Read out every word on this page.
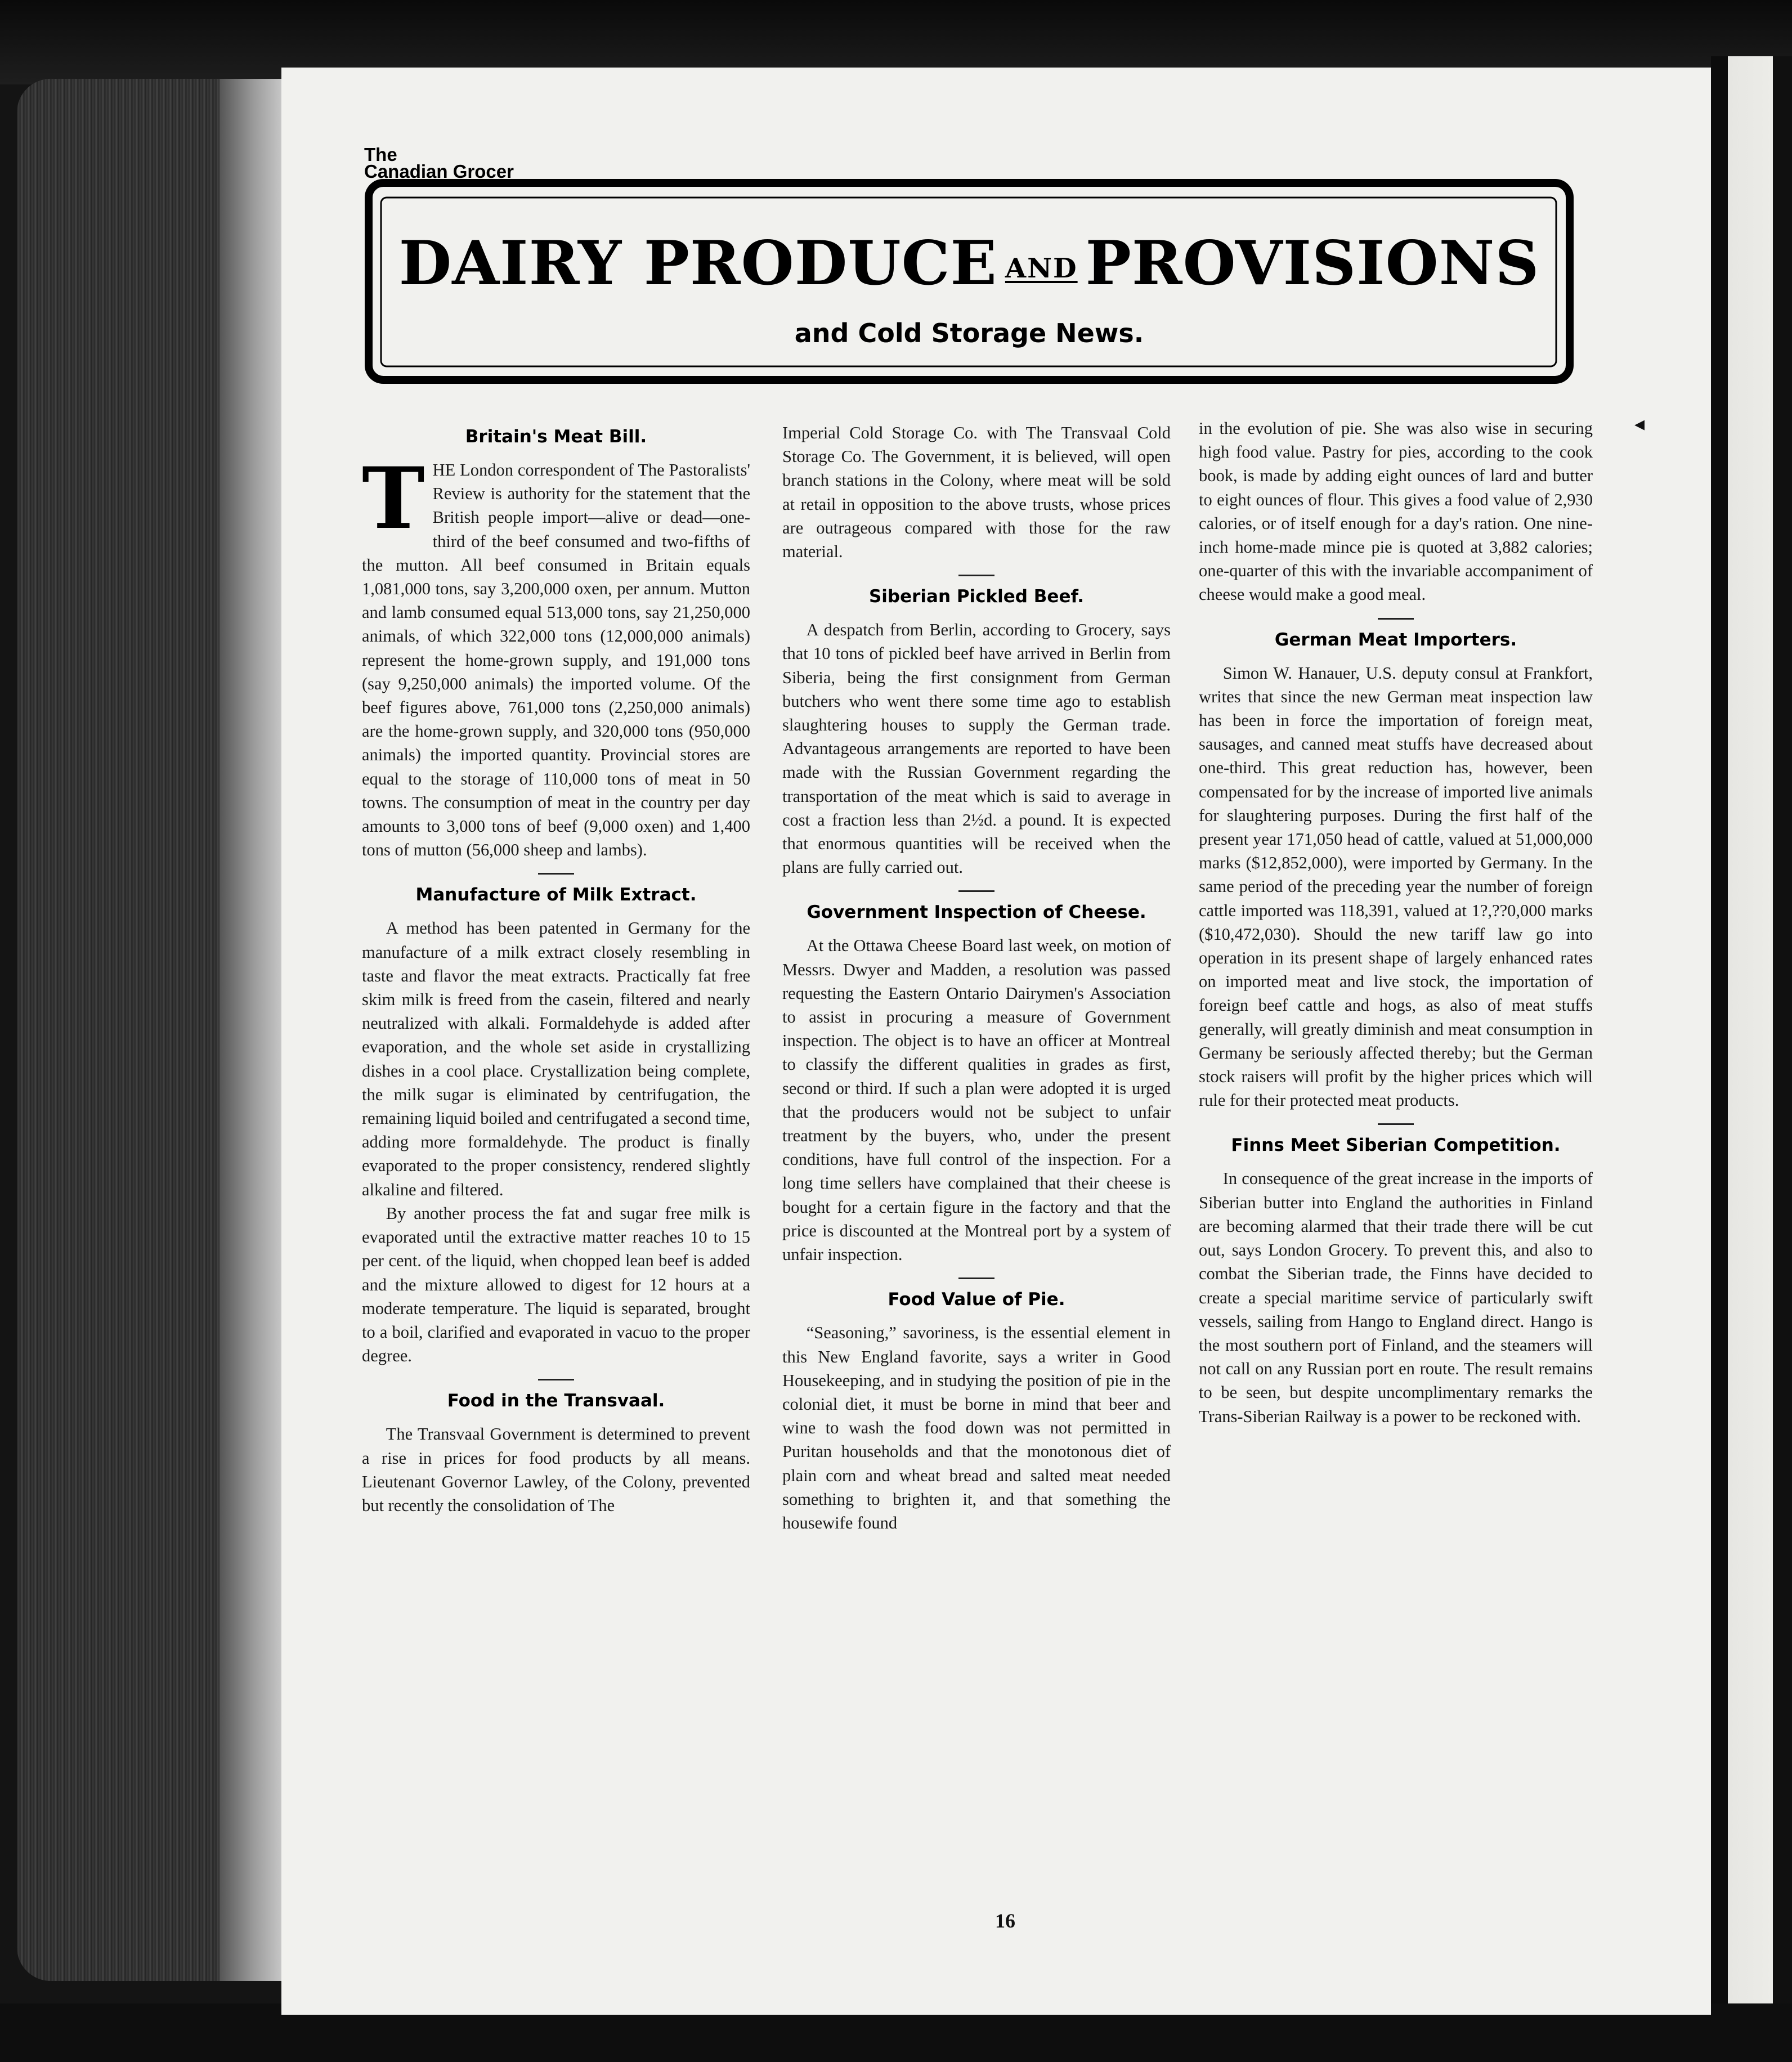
The
Canadian Grocer
DAIRY PRODUCE AND PROVISIONS
and Cold Storage News.
Britain's Meat Bill.

THE London correspondent of The Pastoralists' Review is authority for the statement that the British people import—alive or dead—one-third of the beef consumed and two-fifths of the mutton. All beef consumed in Britain equals 1,081,000 tons, say 3,200,000 oxen, per annum. Mutton and lamb consumed equal 513,000 tons, say 21,250,000 animals, of which 322,000 tons (12,000,000 animals) represent the home-grown supply, and 191,000 tons (say 9,250,000 animals) the imported volume. Of the beef figures above, 761,000 tons (2,250,000 animals) are the home-grown supply, and 320,000 tons (950,000 animals) the imported quantity. Provincial stores are equal to the storage of 110,000 tons of meat in 50 towns. The consumption of meat in the country per day amounts to 3,000 tons of beef (9,000 oxen) and 1,400 tons of mutton (56,000 sheep and lambs).

Manufacture of Milk Extract.

A method has been patented in Germany for the manufacture of a milk extract closely resembling in taste and flavor the meat extracts. Practically fat free skim milk is freed from the casein, filtered and nearly neutralized with alkali. Formaldehyde is added after evaporation, and the whole set aside in crystallizing dishes in a cool place. Crystallization being complete, the milk sugar is eliminated by centrifugation, the remaining liquid boiled and centrifugated a second time, adding more formaldehyde. The product is finally evaporated to the proper consistency, rendered slightly alkaline and filtered.

By another process the fat and sugar free milk is evaporated until the extractive matter reaches 10 to 15 per cent. of the liquid, when chopped lean beef is added and the mixture allowed to digest for 12 hours at a moderate temperature. The liquid is separated, brought to a boil, clarified and evaporated in vacuo to the proper degree.

Food in the Transvaal.

The Transvaal Government is determined to prevent a rise in prices for food products by all means. Lieutenant Governor Lawley, of the Colony, prevented but recently the consolidation of The

Imperial Cold Storage Co. with The Transvaal Cold Storage Co. The Government, it is believed, will open branch stations in the Colony, where meat will be sold at retail in opposition to the above trusts, whose prices are outrageous compared with those for the raw material.

Siberian Pickled Beef.

A despatch from Berlin, according to Grocery, says that 10 tons of pickled beef have arrived in Berlin from Siberia, being the first consignment from German butchers who went there some time ago to establish slaughtering houses to supply the German trade. Advantageous arrangements are reported to have been made with the Russian Government regarding the transportation of the meat which is said to average in cost a fraction less than 2½d. a pound. It is expected that enormous quantities will be received when the plans are fully carried out.

Government Inspection of Cheese.

At the Ottawa Cheese Board last week, on motion of Messrs. Dwyer and Madden, a resolution was passed requesting the Eastern Ontario Dairymen's Association to assist in procuring a measure of Government inspection. The object is to have an officer at Montreal to classify the different qualities in grades as first, second or third. If such a plan were adopted it is urged that the producers would not be subject to unfair treatment by the buyers, who, under the present conditions, have full control of the inspection. For a long time sellers have complained that their cheese is bought for a certain figure in the factory and that the price is discounted at the Montreal port by a system of unfair inspection.

Food Value of Pie.

“Seasoning,” savoriness, is the essential element in this New England favorite, says a writer in Good Housekeeping, and in studying the position of pie in the colonial diet, it must be borne in mind that beer and wine to wash the food down was not permitted in Puritan households and that the monotonous diet of plain corn and wheat bread and salted meat needed something to brighten it, and that something the housewife found

in the evolution of pie. She was also wise in securing high food value. Pastry for pies, according to the cook book, is made by adding eight ounces of lard and butter to eight ounces of flour. This gives a food value of 2,930 calories, or of itself enough for a day's ration. One nine-inch home-made mince pie is quoted at 3,882 calories; one-quarter of this with the invariable accompaniment of cheese would make a good meal.

German Meat Importers.

Simon W. Hanauer, U.S. deputy consul at Frankfort, writes that since the new German meat inspection law has been in force the importation of foreign meat, sausages, and canned meat stuffs have decreased about one-third. This great reduction has, however, been compensated for by the increase of imported live animals for slaughtering purposes. During the first half of the present year 171,050 head of cattle, valued at 51,000,000 marks ($12,852,000), were imported by Germany. In the same period of the preceding year the number of foreign cattle imported was 118,391, valued at 1?,??0,000 marks ($10,472,030). Should the new tariff law go into operation in its present shape of largely enhanced rates on imported meat and live stock, the importation of foreign beef cattle and hogs, as also of meat stuffs generally, will greatly diminish and meat consumption in Germany be seriously affected thereby; but the German stock raisers will profit by the higher prices which will rule for their protected meat products.

Finns Meet Siberian Competition.

In consequence of the great increase in the imports of Siberian butter into England the authorities in Finland are becoming alarmed that their trade there will be cut out, says London Grocery. To prevent this, and also to combat the Siberian trade, the Finns have decided to create a special maritime service of particularly swift vessels, sailing from Hango to England direct. Hango is the most southern port of Finland, and the steamers will not call on any Russian port en route. The result remains to be seen, but despite uncomplimentary remarks the Trans-Siberian Railway is a power to be reckoned with.

◂
16
